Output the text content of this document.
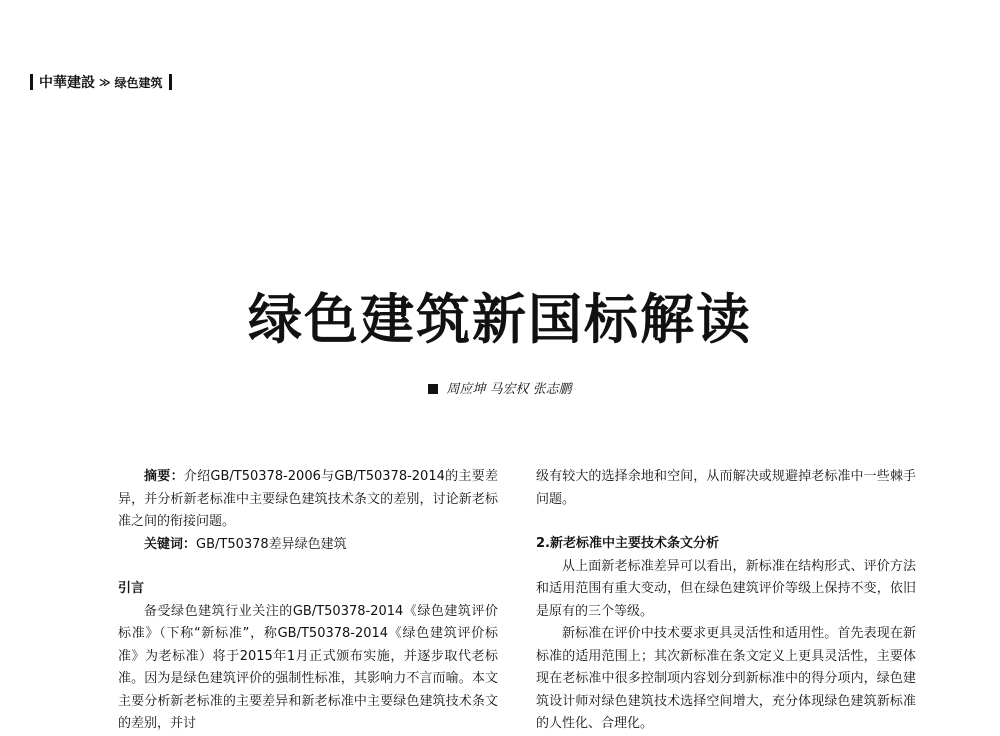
中華建設 ≫ 绿色建筑
绿色建筑新国标解读
周应坤 马宏权 张志鹏

摘要：介绍GB/T50378-2006与GB/T50378-2014的主要差异，并分析新老标准中主要绿色建筑技术条文的差别，讨论新老标准之间的衔接问题。

关键词：GB/T50378差异绿色建筑

引言

备受绿色建筑行业关注的GB/T50378-2014《绿色建筑评价标准》（下称“新标准”，称GB/T50378-2014《绿色建筑评价标准》为老标准）将于2015年1月正式颁布实施，并逐步取代老标准。因为是绿色建筑评价的强制性标准，其影响力不言而喻。本文主要分析新老标准的主要差异和新老标准中主要绿色建筑技术条文的差别，并讨

级有较大的选择余地和空间，从而解决或规避掉老标准中一些棘手问题。

2.新老标准中主要技术条文分析

从上面新老标准差异可以看出，新标准在结构形式、评价方法和适用范围有重大变动，但在绿色建筑评价等级上保持不变，依旧是原有的三个等级。

新标准在评价中技术要求更具灵活性和适用性。首先表现在新标准的适用范围上；其次新标准在条文定义上更具灵活性，主要体现在老标准中很多控制项内容划分到新标准中的得分项内，绿色建筑设计师对绿色建筑技术选择空间增大，充分体现绿色建筑新标准的人性化、合理化。
